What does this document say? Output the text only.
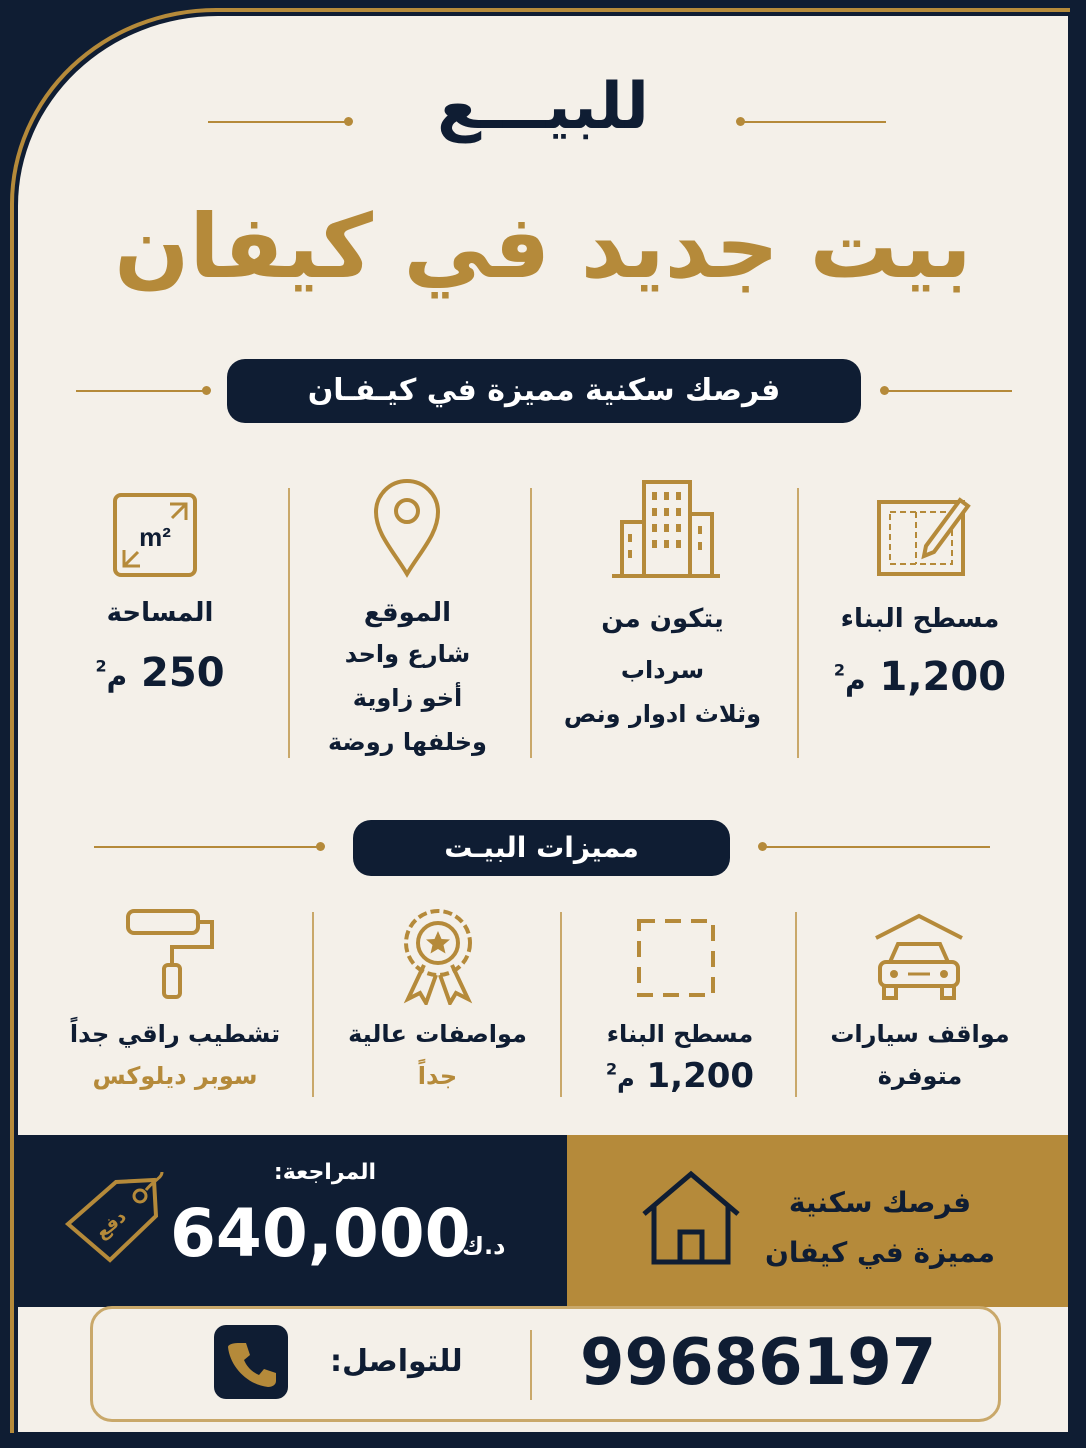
للبيـــع
بيت جديد في كيفان
فرصك سكنية مميزة في كيـفـان
مسطح البناء
1,200 م$^2$
يتكون من
سرداب
وثلاث ادوار ونص
الموقع
شارع واحد
أخو زاوية
وخلفها روضة
m²
المساحة
250 م$^2$
مميزات البيـت
مواقف سيارات
متوفرة
مسطح البناء
1,200 م$^2$
مواصفات عالية
جداً
تشطيب راقي جداً
سوبر ديلوكس
دفع
المراجعة:
640,000
د.ك
فرصك سكنية
مميزة في كيفان
99686197
للتواصل:
